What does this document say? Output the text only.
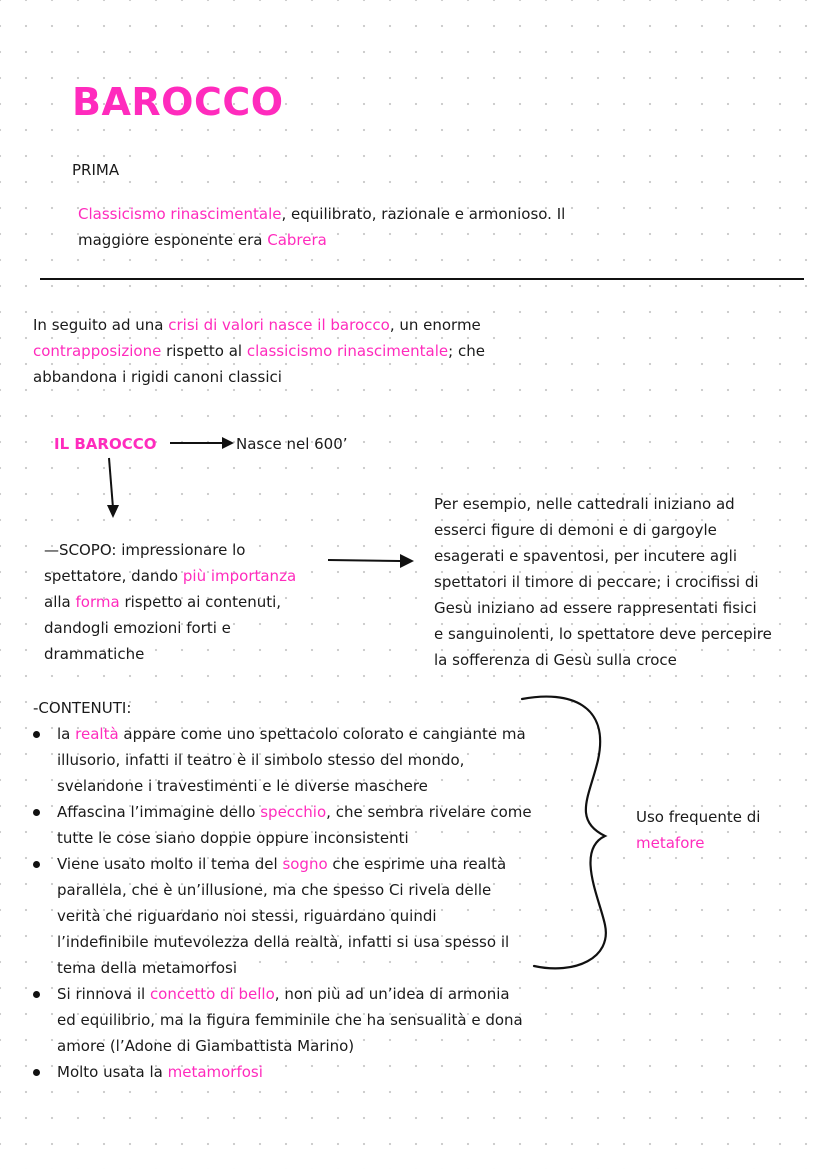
BAROCCO

PRIMA

Classicismo rinascimentale, equilibrato, razionale e armonioso. Il

maggiore esponente era Cabrera

In seguito ad una crisi di valori nasce il barocco, un enorme

contrapposizione rispetto al classicismo rinascimentale; che

abbandona i rigidi canoni classici

IL BAROCCO	Nasce nel 600’

—SCOPO: impressionare lo

spettatore, dando più importanza

alla forma rispetto ai contenuti,

dandogli emozioni forti e

drammatiche

Per esempio, nelle cattedrali iniziano ad

esserci figure di demoni e di gargoyle

esagerati e spaventosi, per incutere agli

spettatori il timore di peccare; i crocifissi di

Gesù iniziano ad essere rappresentati fisici

e sanguinolenti, lo spettatore deve percepire

la sofferenza di Gesù sulla croce

-CONTENUTI:

la realtà appare come uno spettacolo colorato e cangiante ma
illusorio, infatti il teatro è il simbolo stesso del mondo,
svelandone i travestimenti e le diverse maschere
Affascina l’immagine dello specchio, che sembra rivelare come
tutte le cose siano doppie oppure inconsistenti
Viene usato molto il tema del sogno che esprime una realtà
parallela, che è un’illusione, ma che spesso Ci rivela delle
verità che riguardano noi stessi, riguardano quindi
l’indefinibile mutevolezza della realtà, infatti si usa spesso il
tema della metamorfosi
Si rinnova il concetto di bello, non più ad un’idea di armonia
ed equilibrio, ma la figura femminile che ha sensualità e dona
amore (l’Adone di Giambattista Marino)
Molto usata la metamorfosi

Uso frequente di

metafore
